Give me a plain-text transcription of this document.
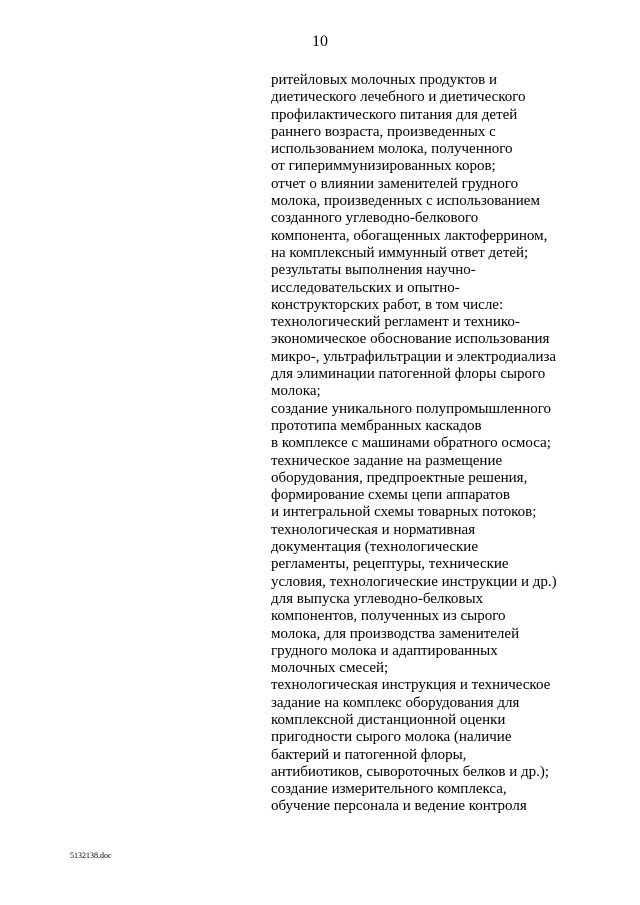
10
ритейловых молочных продуктов и
диетического лечебного и диетического
профилактического питания для детей
раннего возраста, произведенных с
использованием молока, полученного
от гипериммунизированных коров;
отчет о влиянии заменителей грудного
молока, произведенных с использованием
созданного углеводно-белкового
компонента, обогащенных лактоферрином,
на комплексный иммунный ответ детей;
результаты выполнения научно-
исследовательских и опытно-
конструкторских работ, в том числе:
технологический регламент и технико-
экономическое обоснование использования
микро-, ультрафильтрации и электродиализа
для элиминации патогенной флоры сырого
молока;
создание уникального полупромышленного
прототипа мембранных каскадов
в комплексе с машинами обратного осмоса;
техническое задание на размещение
оборудования, предпроектные решения,
формирование схемы цепи аппаратов
и интегральной схемы товарных потоков;
технологическая и нормативная
документация (технологические
регламенты, рецептуры, технические
условия, технологические инструкции и др.)
для выпуска углеводно-белковых
компонентов, полученных из сырого
молока, для производства заменителей
грудного молока и адаптированных
молочных смесей;
технологическая инструкция и техническое
задание на комплекс оборудования для
комплексной дистанционной оценки
пригодности сырого молока (наличие
бактерий и патогенной флоры,
антибиотиков, сывороточных белков и др.);
создание измерительного комплекса,
обучение персонала и ведение контроля
5132138.doc
